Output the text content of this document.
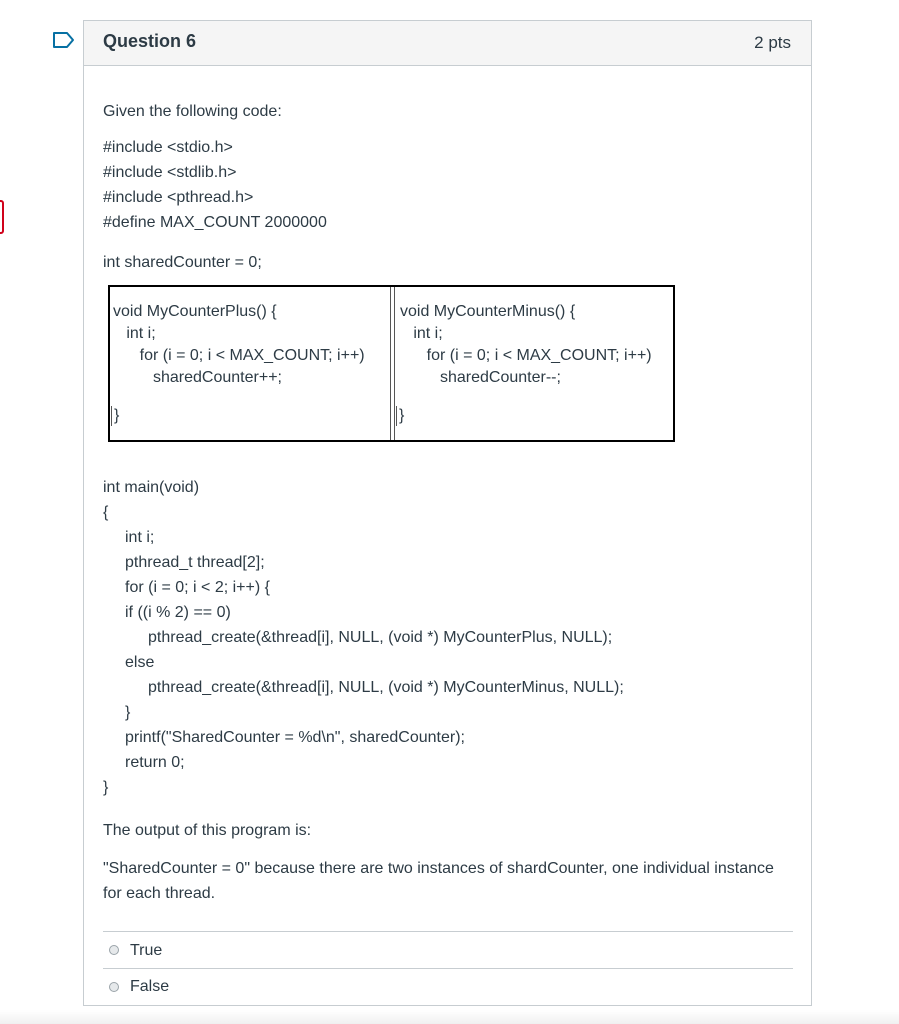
Question 6	2 pts
Given the following code:
#include <stdio.h>
#include <stdlib.h>
#include <pthread.h>
#define MAX_COUNT 2000000
int sharedCounter = 0;
void MyCounterPlus() {
int i;
for (i = 0; i < MAX_COUNT; i++)
sharedCounter++;
}
void MyCounterMinus() {
int i;
for (i = 0; i < MAX_COUNT; i++)
sharedCounter--;
}
int main(void)
{
int i;
pthread_t thread[2];
for (i = 0; i < 2; i++) {
if ((i % 2) == 0)
pthread_create(&thread[i], NULL, (void *) MyCounterPlus, NULL);
else
pthread_create(&thread[i], NULL, (void *) MyCounterMinus, NULL);
}
printf("SharedCounter = %d\n", sharedCounter);
return 0;
}
The output of this program is:
"SharedCounter = 0" because there are two instances of shardCounter, one individual instance for each thread.
True
False
